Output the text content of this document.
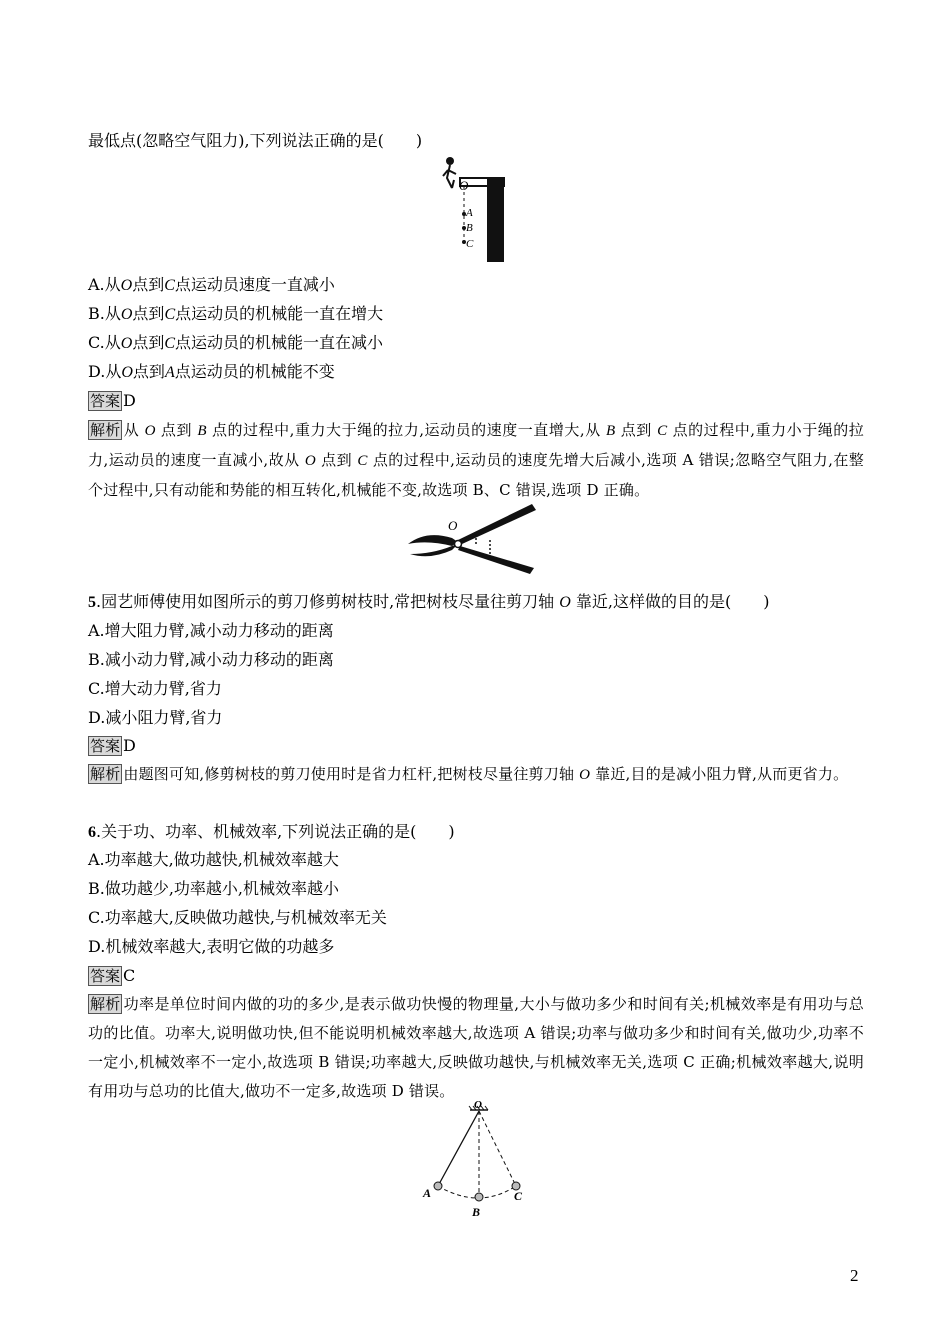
最低点(忽略空气阻力),下列说法正确的是(　　)
O
A
B
C
A.从O点到C点运动员速度一直减小
B.从O点到C点运动员的机械能一直在增大
C.从O点到C点运动员的机械能一直在减小
D.从O点到A点运动员的机械能不变
答案 D
解析 从 O 点到 B 点的过程中,重力大于绳的拉力,运动员的速度一直增大,从 B 点到 C 点的过程中,重力小于绳的拉力,运动员的速度一直减小,故从 O 点到 C 点的过程中,运动员的速度先增大后减小,选项 A 错误;忽略空气阻力,在整个过程中,只有动能和势能的相互转化,机械能不变,故选项 B、C 错误,选项 D 正确。
O
5.园艺师傅使用如图所示的剪刀修剪树枝时,常把树枝尽量往剪刀轴 O 靠近,这样做的目的是(　　)
A.增大阻力臂,减小动力移动的距离
B.减小动力臂,减小动力移动的距离
C.增大动力臂,省力
D.减小阻力臂,省力
答案 D
解析 由题图可知,修剪树枝的剪刀使用时是省力杠杆,把树枝尽量往剪刀轴 O 靠近,目的是减小阻力臂,从而更省力。
6.关于功、功率、机械效率,下列说法正确的是(　　)
A.功率越大,做功越快,机械效率越大
B.做功越少,功率越小,机械效率越小
C.功率越大,反映做功越快,与机械效率无关
D.机械效率越大,表明它做的功越多
答案 C
解析 功率是单位时间内做的功的多少,是表示做功快慢的物理量,大小与做功多少和时间有关;机械效率是有用功与总功的比值。功率大,说明做功快,但不能说明机械效率越大,故选项 A 错误;功率与做功多少和时间有关,做功少,功率不一定小,机械效率不一定小,故选项 B 错误;功率越大,反映做功越快,与机械效率无关,选项 C 正确;机械效率越大,说明有用功与总功的比值大,做功不一定多,故选项 D 错误。
O
A
B
C
2
